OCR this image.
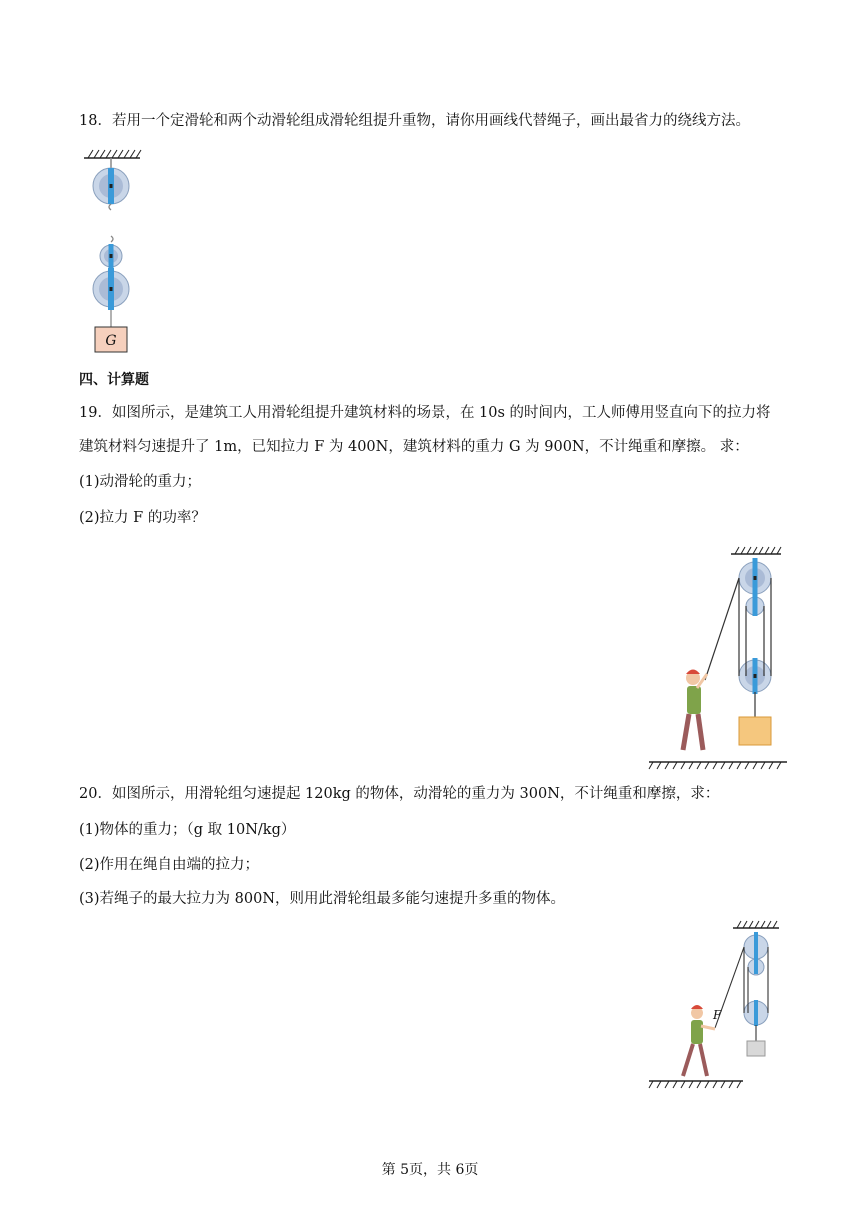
18．若用一个定滑轮和两个动滑轮组成滑轮组提升重物，请你用画线代替绳子，画出最省力的绕线方法。
G
四、计算题
19．如图所示，是建筑工人用滑轮组提升建筑材料的场景，在 10s 的时间内，工人师傅用竖直向下的拉力将
建筑材料匀速提升了 1m，已知拉力 F 为 400N，建筑材料的重力 G 为 900N，不计绳重和摩擦。 求：
(1)动滑轮的重力；
(2)拉力 F 的功率？
20．如图所示，用滑轮组匀速提起 120kg 的物体，动滑轮的重力为 300N，不计绳重和摩擦，求：
(1)物体的重力；（g 取 10N/kg）
(2)作用在绳自由端的拉力；
(3)若绳子的最大拉力为 800N，则用此滑轮组最多能匀速提升多重的物体。
F
第 5页，共 6页
